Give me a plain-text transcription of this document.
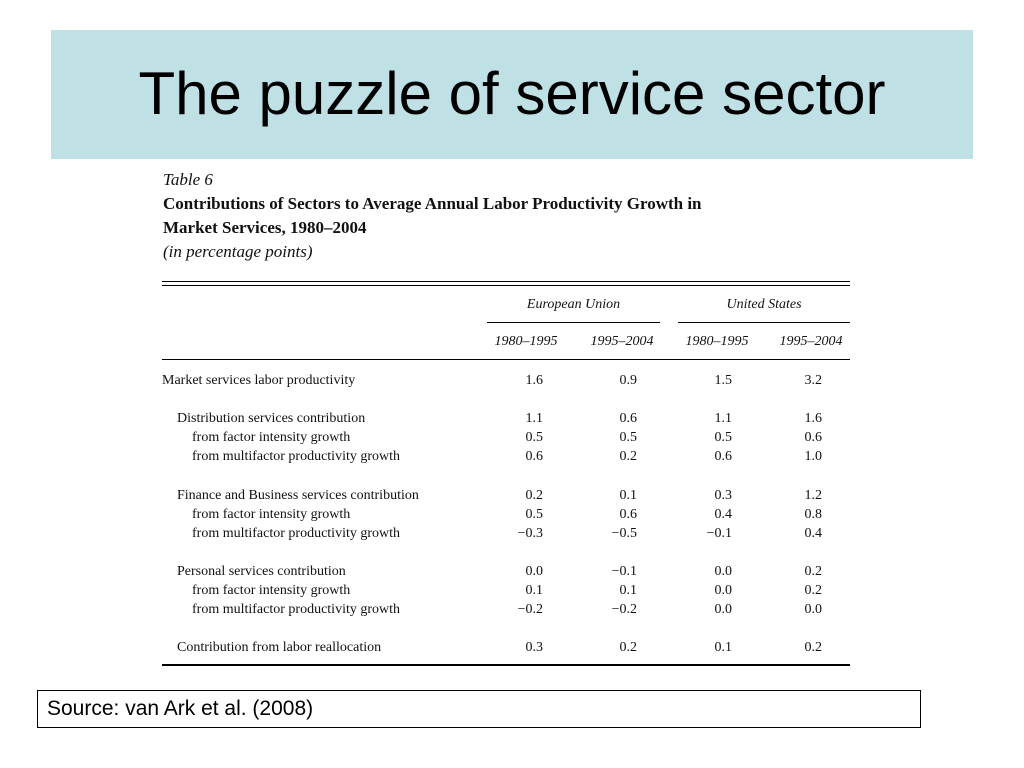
The puzzle of service sector
Table 6
Contributions of Sectors to Average Annual Labor Productivity Growth in
Market Services, 1980–2004
(in percentage points)
European Union	United States
1980–1995	1995–2004	1980–1995	1995–2004
Market services labor productivity	1.6	0.9	1.5	3.2
Distribution services contribution	1.1	0.6	1.1	1.6
from factor intensity growth	0.5	0.5	0.5	0.6
from multifactor productivity growth	0.6	0.2	0.6	1.0
Finance and Business services contribution	0.2	0.1	0.3	1.2
from factor intensity growth	0.5	0.6	0.4	0.8
from multifactor productivity growth	−0.3	−0.5	−0.1	0.4
Personal services contribution	0.0	−0.1	0.0	0.2
from factor intensity growth	0.1	0.1	0.0	0.2
from multifactor productivity growth	−0.2	−0.2	0.0	0.0
Contribution from labor reallocation	0.3	0.2	0.1	0.2
Source: van Ark et al. (2008)
